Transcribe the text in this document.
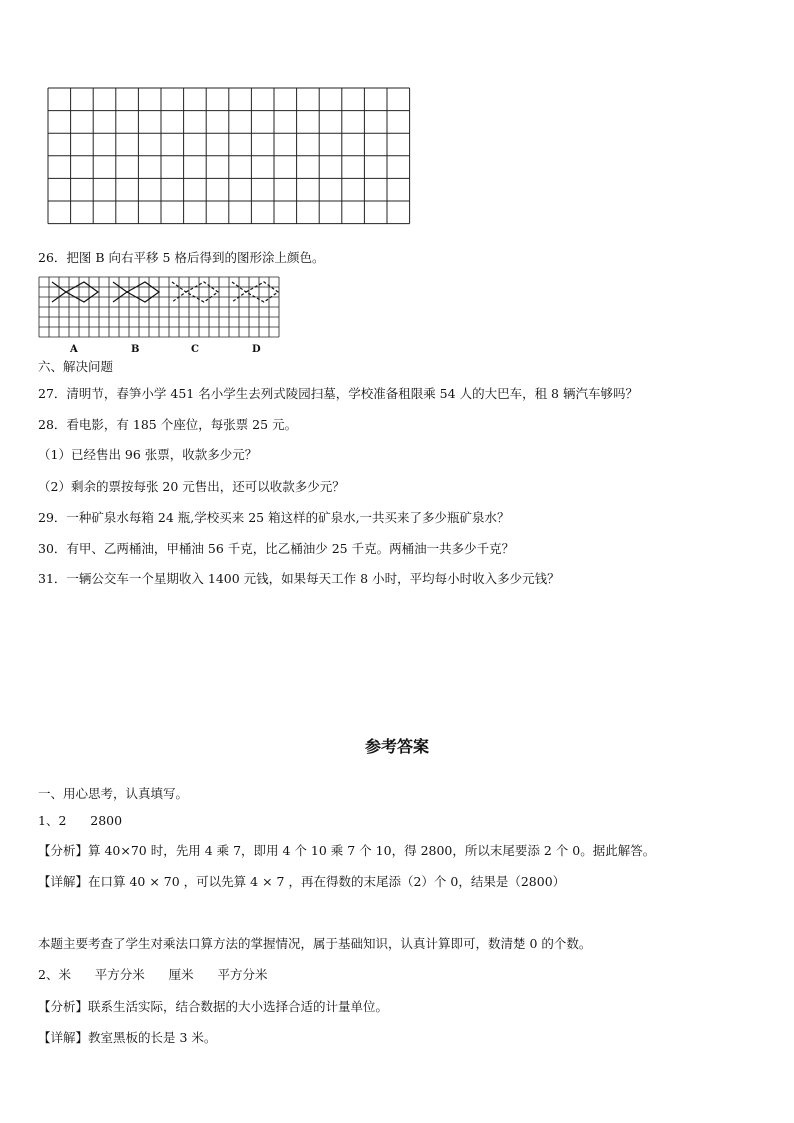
26．把图 B 向右平移 5 格后得到的图形涂上颜色。
A	B	C	D
六、解决问题
27．清明节，春笋小学 451 名小学生去列式陵园扫墓，学校准备租限乘 54 人的大巴车，租 8 辆汽车够吗？
28．看电影，有 185 个座位，每张票 25 元。
（1）已经售出 96 张票，收款多少元？
（2）剩余的票按每张 20 元售出，还可以收款多少元？
29．一种矿泉水每箱 24 瓶,学校买来 25 箱这样的矿泉水,一共买来了多少瓶矿泉水？
30．有甲、乙两桶油，甲桶油 56 千克，比乙桶油少 25 千克。两桶油一共多少千克？
31．一辆公交车一个星期收入 1400 元钱，如果每天工作 8 小时，平均每小时收入多少元钱？
参考答案
一、用心思考，认真填写。
1、2      2800
【分析】算 40×70 时，先用 4 乘 7，即用 4 个 10 乘 7 个 10，得 2800，所以末尾要添 2 个 0。据此解答。
【详解】在口算 40 × 70 ，可以先算 4 × 7 ，再在得数的末尾添（2）个 0，结果是（2800）
本题主要考查了学生对乘法口算方法的掌握情况，属于基础知识，认真计算即可，数清楚 0 的个数。
2、米      平方分米      厘米      平方分米
【分析】联系生活实际，结合数据的大小选择合适的计量单位。
【详解】教室黑板的长是 3 米。
